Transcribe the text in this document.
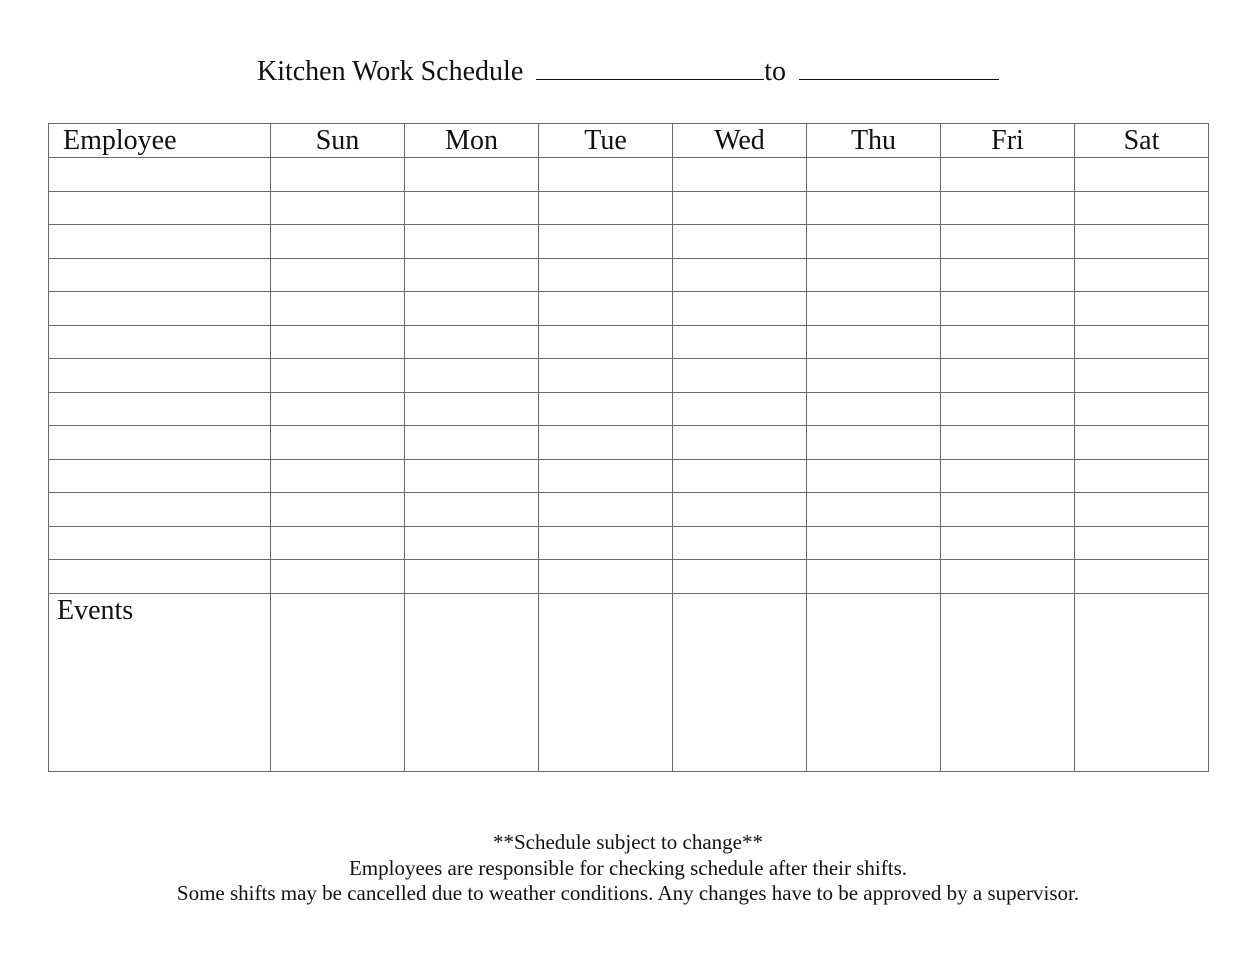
Kitchen Work Schedule	to
Employee	Sun	Mon	Tue	Wed	Thu	Fri	Sat

Events							
**Schedule subject to change**
Employees are responsible for checking schedule after their shifts.
Some shifts may be cancelled due to weather conditions. Any changes have to be approved by a supervisor.
